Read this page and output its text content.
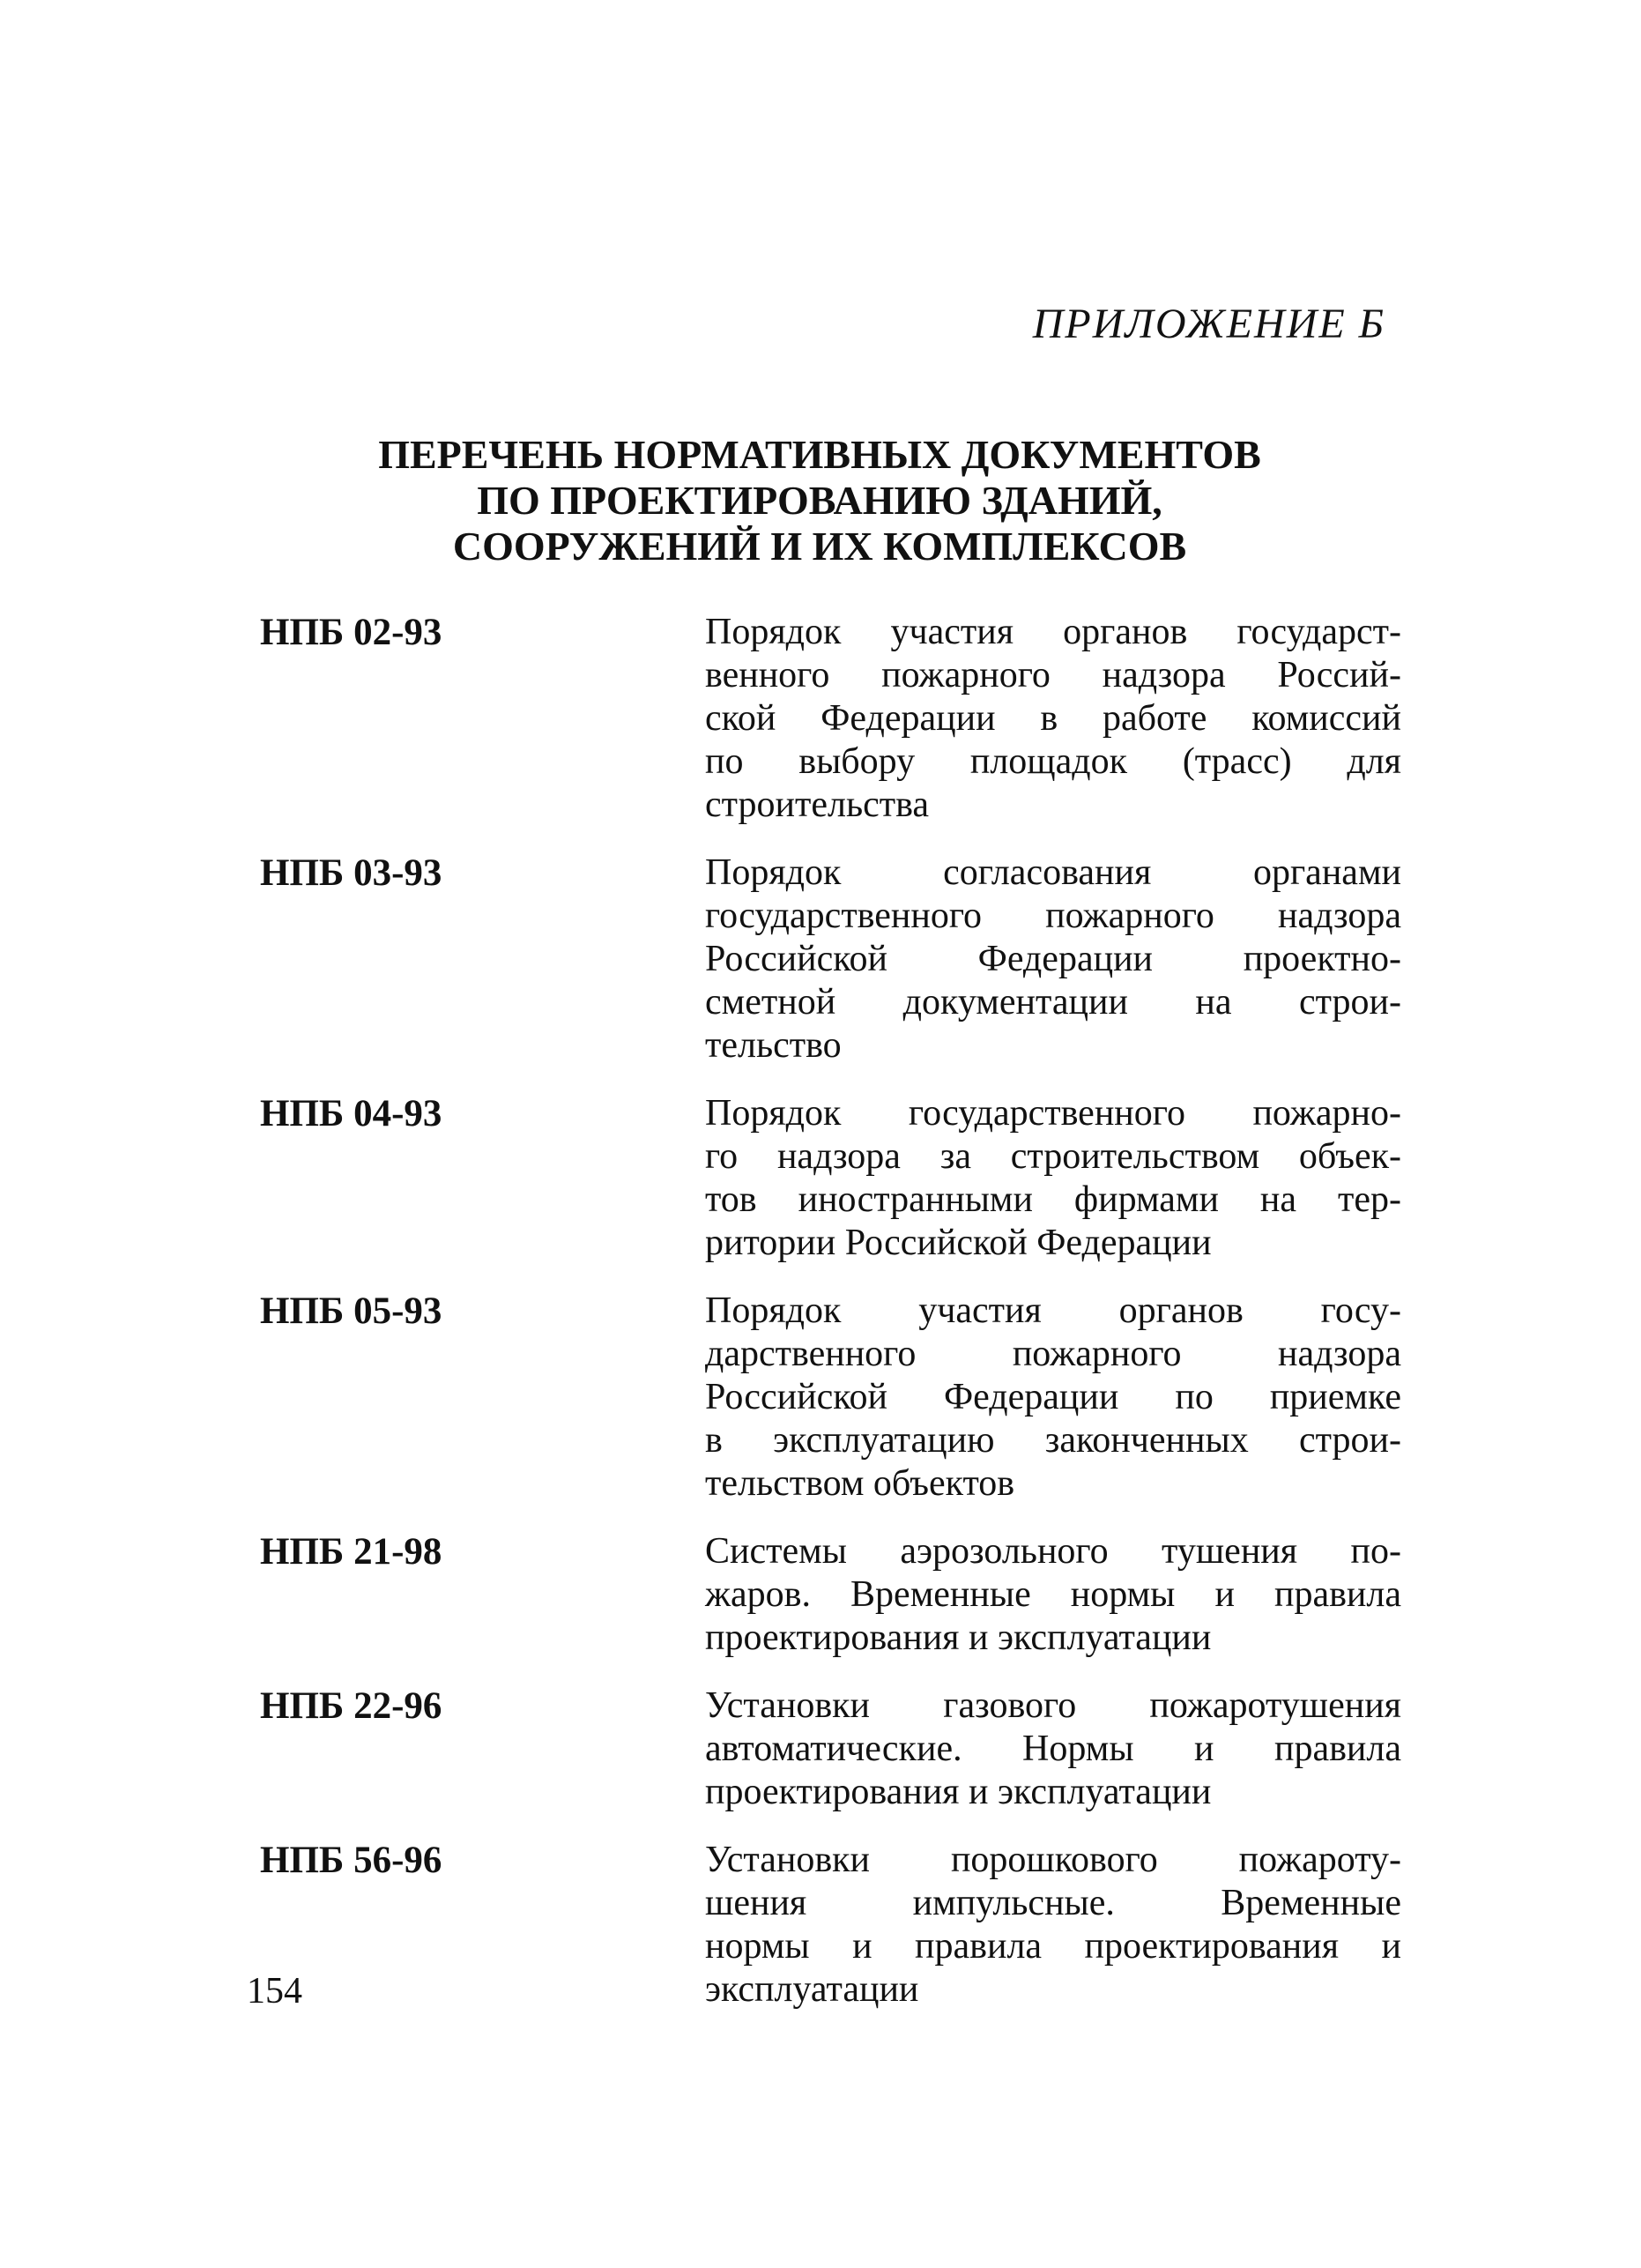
ПРИЛОЖЕНИЕ Б
ПЕРЕЧЕНЬ НОРМАТИВНЫХ ДОКУМЕНТОВ
ПО ПРОЕКТИРОВАНИЮ ЗДАНИЙ,
СООРУЖЕНИЙ И ИХ КОМПЛЕКСОВ
НПБ 02-93	Порядок участия органов государст-
венного пожарного надзора Россий-
ской Федерации в работе комиссий
по выбору площадок (трасс) для
строительства
НПБ 03-93	Порядок согласования органами
государственного пожарного надзора
Российской Федерации проектно-
сметной документации на строи-
тельство
НПБ 04-93	Порядок государственного пожарно-
го надзора за строительством объек-
тов иностранными фирмами на тер-
ритории Российской Федерации
НПБ 05-93	Порядок участия органов госу-
дарственного пожарного надзора
Российской Федерации по приемке
в эксплуатацию законченных строи-
тельством объектов
НПБ 21-98	Системы аэрозольного тушения по-
жаров. Временные нормы и правила
проектирования и эксплуатации
НПБ 22-96	Установки газового пожаротушения
автоматические. Нормы и правила
проектирования и эксплуатации
НПБ 56-96	Установки порошкового пожароту-
шения импульсные. Временные
нормы и правила проектирования и
эксплуатации
154
